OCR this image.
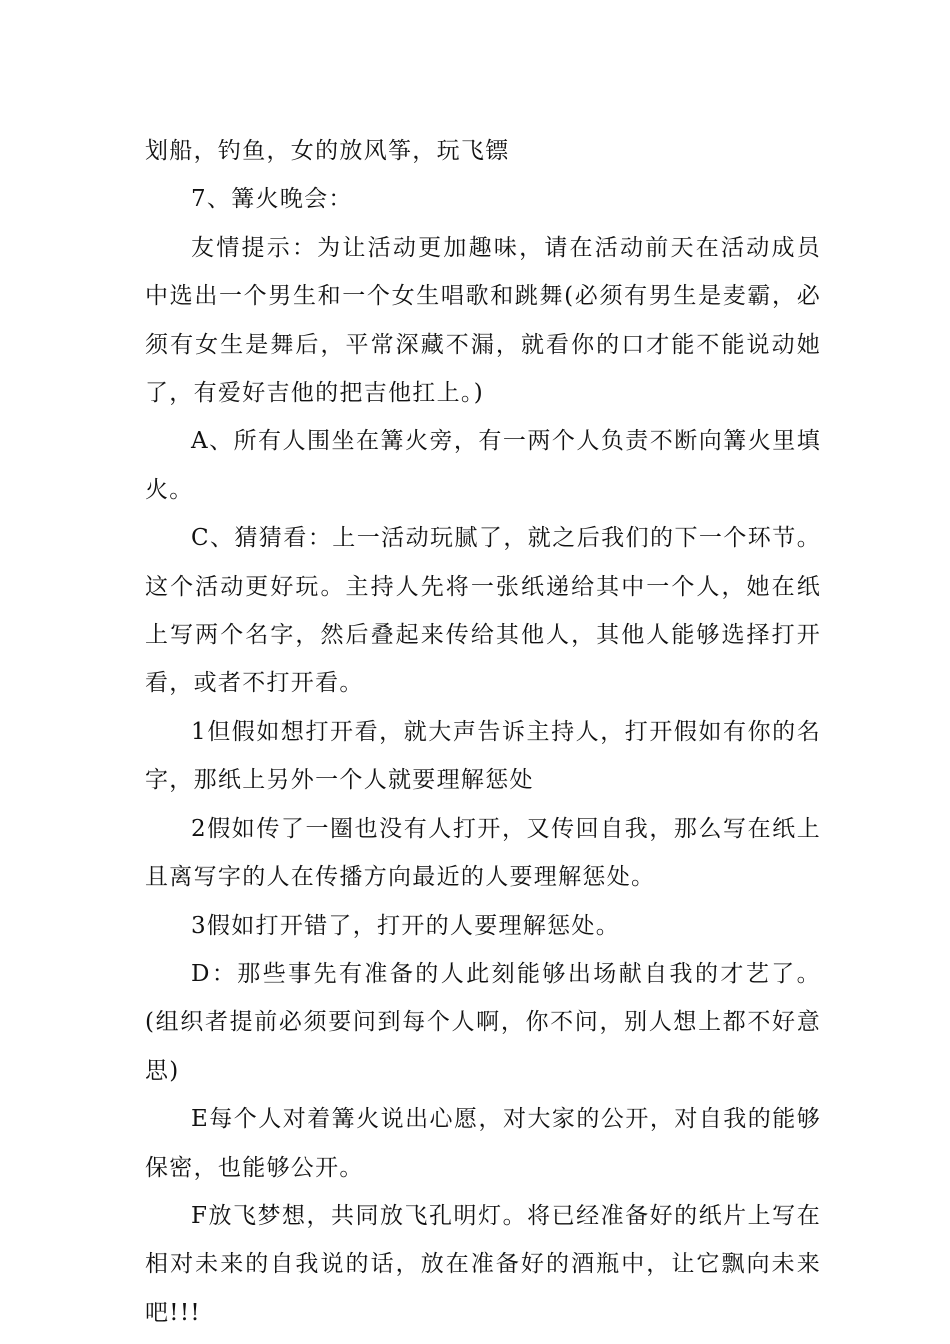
划船，钓鱼，女的放风筝，玩飞镖

7、篝火晚会：

友情提示：为让活动更加趣味，请在活动前天在活动成员中选出一个男生和一个女生唱歌和跳舞(必须有男生是麦霸，必须有女生是舞后，平常深藏不漏，就看你的口才能不能说动她了，有爱好吉他的把吉他扛上。)

A、所有人围坐在篝火旁，有一两个人负责不断向篝火里填火。

C、猜猜看：上一活动玩腻了，就之后我们的下一个环节。这个活动更好玩。主持人先将一张纸递给其中一个人，她在纸上写两个名字，然后叠起来传给其他人，其他人能够选择打开看，或者不打开看。

1但假如想打开看，就大声告诉主持人，打开假如有你的名字，那纸上另外一个人就要理解惩处

2假如传了一圈也没有人打开，又传回自我，那么写在纸上且离写字的人在传播方向最近的人要理解惩处。

3假如打开错了，打开的人要理解惩处。

D：那些事先有准备的人此刻能够出场献自我的才艺了。(组织者提前必须要问到每个人啊，你不问，别人想上都不好意思)

E每个人对着篝火说出心愿，对大家的公开，对自我的能够保密，也能够公开。

F放飞梦想，共同放飞孔明灯。将已经准备好的纸片上写在相对未来的自我说的话，放在准备好的酒瓶中，让它飘向未来吧!!!
